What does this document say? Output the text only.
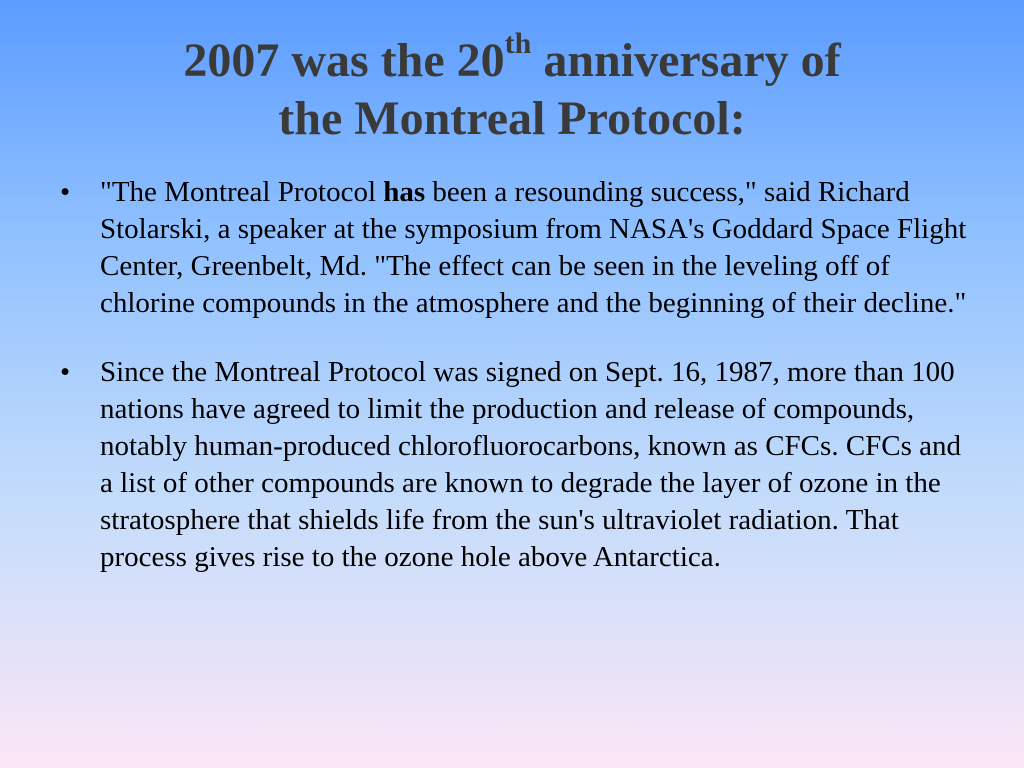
2007 was the 20th anniversary of
the Montreal Protocol:
• "The Montreal Protocol has been a resounding success," said Richard Stolarski, a speaker at the symposium from NASA's Goddard Space Flight Center, Greenbelt, Md. "The effect can be seen in the leveling off of chlorine compounds in the atmosphere and the beginning of their decline."
• Since the Montreal Protocol was signed on Sept. 16, 1987, more than 100 nations have agreed to limit the production and release of compounds, notably human-produced chlorofluorocarbons, known as CFCs. CFCs and a list of other compounds are known to degrade the layer of ozone in the stratosphere that shields life from the sun's ultraviolet radiation. That process gives rise to the ozone hole above Antarctica.
